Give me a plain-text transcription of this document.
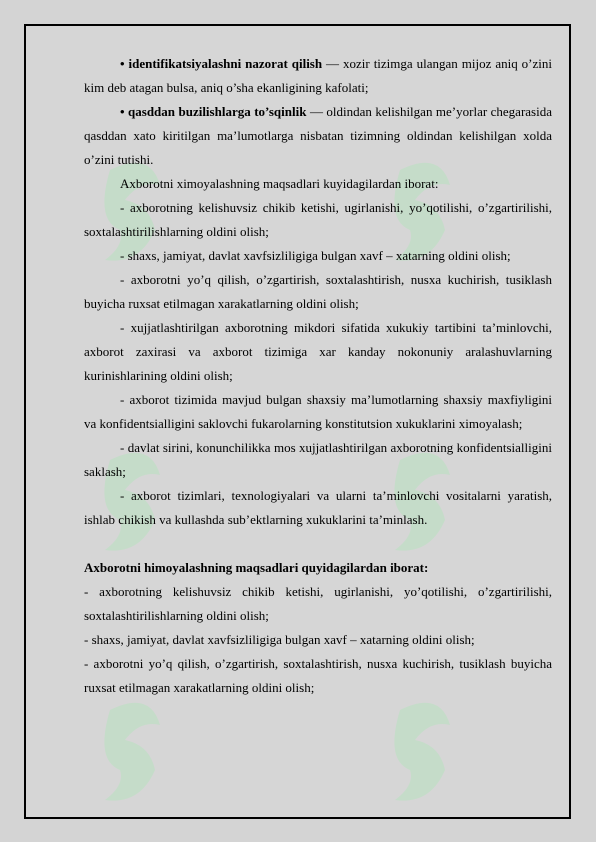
• identifikatsiyalashni nazorat qilish — xozir tizimga ulangan mijoz aniq o’zini kim deb atagan bulsa, aniq o’sha ekanligining kafolati;

• qasddan buzilishlarga to’sqinlik — oldindan kelishilgan me’yorlar chegarasida qasddan xato kiritilgan ma’lumotlarga nisbatan tizimning oldindan kelishilgan xolda o’zini tutishi.

Axborotni ximoyalashning maqsadlari kuyidagilardan iborat:

- axborotning kelishuvsiz chikib ketishi, ugirlanishi, yo’qotilishi, o’zgartirilishi, soxtalashtirilishlarning oldini olish;

- shaxs, jamiyat, davlat xavfsizliligiga bulgan xavf – xatarning oldini olish;

- axborotni yo’q qilish, o’zgartirish, soxtalashtirish, nusxa kuchirish, tusiklash buyicha ruxsat etilmagan xarakatlarning oldini olish;

- xujjatlashtirilgan axborotning mikdori sifatida xukukiy tartibini ta’minlovchi, axborot zaxirasi va axborot tizimiga xar kanday nokonuniy aralashuvlarning kurinishlarining oldini olish;

- axborot tizimida mavjud bulgan shaxsiy ma’lumotlarning shaxsiy maxfiyligini va konfidentsialligini saklovchi fukarolarning konstitutsion xukuklarini ximoyalash;

- davlat sirini, konunchilikka mos xujjatlashtirilgan axborotning konfidentsialligini saklash;

- axborot tizimlari, texnologiyalari va ularni ta’minlovchi vositalarni yaratish, ishlab chikish va kullashda sub’ektlarning xukuklarini ta’minlash.

Axborotni himoyalashning maqsadlari quyidagilardan iborat:

- axborotning kelishuvsiz chikib ketishi, ugirlanishi, yo’qotilishi, o’zgartirilishi, soxtalashtirilishlarning oldini olish;

- shaxs, jamiyat, davlat xavfsizliligiga bulgan xavf – xatarning oldini olish;

- axborotni yo’q qilish, o’zgartirish, soxtalashtirish, nusxa kuchirish, tusiklash buyicha ruxsat etilmagan xarakatlarning oldini olish;
